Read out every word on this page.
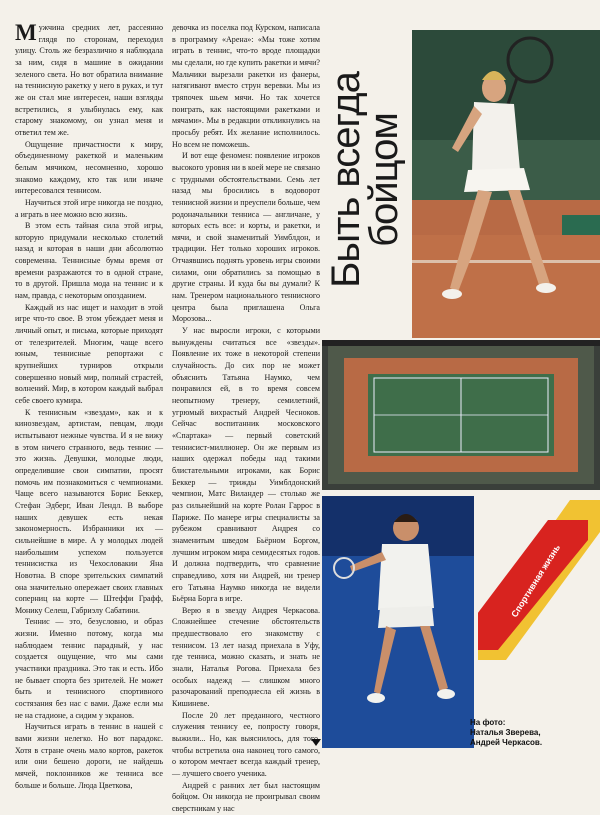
Мужчина средних лет, рассеянно глядя по сторонам, переходил улицу. Столь же безразлично я наблюдала за ним, сидя в машине в ожидании зеленого света. Но вот обратила внимание на теннисную ракетку у него в руках, и тут же он стал мне интересен, наши взгляды встретились, я улыбнулась ему, как старому знакомому, он узнал меня и ответил тем же.

Ощущение причастности к миру, объединенному ракеткой и маленьким белым мячиком, несомненно, хорошо знакомо каждому, кто так или иначе интересовался теннисом.

Научиться этой игре никогда не поздно, а играть в нее можно всю жизнь.

В этом есть тайная сила этой игры, которую придумали несколько столетий назад и которая в наши дни абсолютно современна. Теннисные бумы время от времени разражаются то в одной стране, то в другой. Пришла мода на теннис и к нам, правда, с некоторым опозданием.

Каждый из нас ищет и находит в этой игре что-то свое. В этом убеждает меня и личный опыт, и письма, которые приходят от телезрителей. Многим, чаще всего юным, теннисные репортажи с крупнейших турниров открыли совершенно новый мир, полный страстей, волнений. Мир, в котором каждый выбрал себе своего кумира.

К теннисным «звездам», как и к кинозвездам, артистам, певцам, люди испытывают нежные чувства. И я не вижу в этом ничего странного, ведь теннис — это жизнь. Девушки, молодые люди, определившие свои симпатии, просят помочь им познакомиться с чемпионами. Чаще всего называются Борис Беккер, Стефан Эдберг, Иван Лендл. В выборе наших девушек есть некая закономерность. Избранники их — сильнейшие в мире. А у молодых людей наибольшим успехом пользуется теннисистка из Чехословакии Яна Новотна. В споре зрительских симпатий она значительно опережает своих главных соперниц на корте — Штеффи Графф, Монику Селеш, Габриэлу Сабатини.

Теннис — это, безусловно, и образ жизни. Именно потому, когда мы наблюдаем теннис парадный, у нас создается ощущение, что мы сами участники праздника. Это так и есть. Ибо не бывает спорта без зрителей. Не может быть и теннисного спортивного состязания без нас с вами. Даже если мы не на стадионе, а сидим у экранов.

Научиться играть в теннис в нашей с вами жизни нелегко. Но вот парадокс. Хотя в стране очень мало кортов, ракеток или они бешено дороги, не найдешь мячей, поклонников же тенниса все больше и больше. Люда Цветкова,

девочка из поселка под Курском, написала в программу «Арена»: «Мы тоже хотим играть в теннис, что-то вроде площадки мы сделали, но где купить ракетки и мячи? Мальчики вырезали ракетки из фанеры, натягивают вместо струн веревки. Мы из тряпочек шьем мячи. Но так хочется поиграть, как настоящими ракетками и мячами». Мы в редакции откликнулись на просьбу ребят. Их желание исполнилось. Но всем не поможешь.

И вот еще феномен: появление игроков высокого уровня ни в коей мере не связано с трудными обстоятельствами. Семь лет назад мы бросились в водоворот теннисной жизни и преуспели больше, чем родоначальники тенниса — англичане, у которых есть все: и корты, и ракетки, и мячи, и свой знаменитый Уимблдон, и традиции. Нет только хороших игроков. Отчаявшись поднять уровень игры своими силами, они обратились за помощью в другие страны. И куда бы вы думали? К нам. Тренером национального теннисного центра была приглашена Ольга Морозова...

У нас выросли игроки, с которыми вынуждены считаться все «звезды». Появление их тоже в некоторой степени случайность. До сих пор не может объяснить Татьяна Наумко, чем понравился ей, в то время совсем неопытному тренеру, семилетний, угрюмый вихрастый Андрей Чесноков. Сейчас воспитанник московского «Спартака» — первый советский теннисист-миллионер. Он же первым из наших одержал победы над такими блистательными игроками, как Борис Беккер — трижды Уимблдонский чемпион, Матс Виландер — столько же раз сильнейший на корте Ролан Гаррос в Париже. По манере игры специалисты за рубежом сравнивают Андрея со знаменитым шведом Бьёрном Боргом, лучшим игроком мира семидесятых годов. И должна подтвердить, что сравнение справедливо, хотя ни Андрей, ни тренер его Татьяна Наумко никогда не видели Бьёрна Борга в игре.

Верю я в звезду Андрея Черкасова. Сложнейшее стечение обстоятельств предшествовало его знакомству с теннисом. 13 лет назад приехала в Уфу, где тенниса, можно сказать, и знать не знали, Наталья Рогова. Приехала без особых надежд — слишком много разочарований преподнесла ей жизнь в Кишиневе.

После 20 лет преданного, честного служения теннису ее, попросту говоря, выжили... Но, как выяснилось, для того, чтобы встретила она наконец того самого, о котором мечтает всегда каждый тренер,— лучшего своего ученика.

Андрей с ранних лет был настоящим бойцом. Он никогда не проигрывал своим сверстникам у нас

Быть всегда
бойцом
Спортивная жизнь
На фото:
Наталья Зверева,
Андрей Черкасов.
